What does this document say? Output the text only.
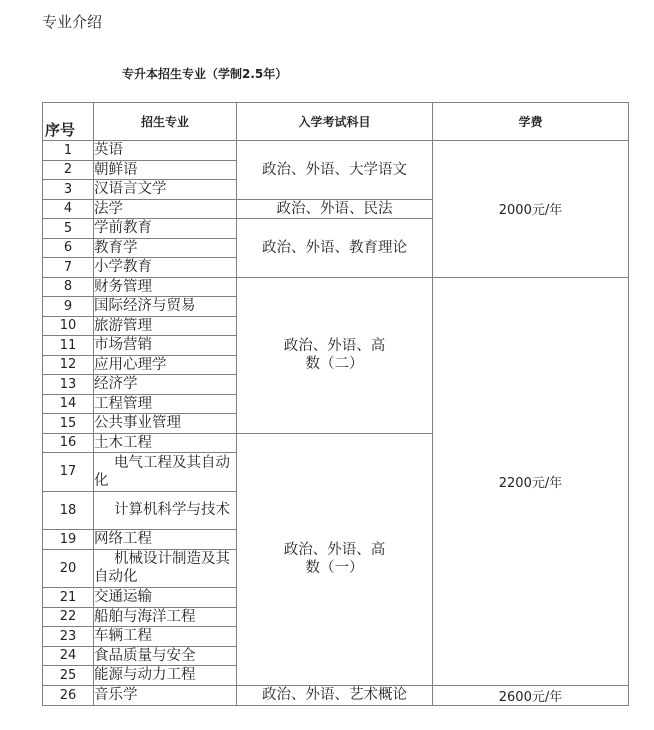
专业介绍
专升本招生专业（学制2.5年）
序号	招生专业	入学考试科目	学费
1	英语	政治、外语、大学语文	2000元/年
2	朝鲜语		
3	汉语言文学		
4	法学	政治、外语、民法	
5	学前教育	政治、外语、教育理论	
6	教育学		
7	小学教育		
8	财务管理	政治、外语、高数（二）	2200元/年
9	国际经济与贸易		
10	旅游管理		
11	市场营销		
12	应用心理学		
13	经济学		
14	工程管理		
15	公共事业管理		
16	土木工程	政治、外语、高数（一）	
17	电气工程及其自动化		
18	计算机科学与技术		
19	网络工程		
20	机械设计制造及其自动化		
21	交通运输		
22	船舶与海洋工程		
23	车辆工程		
24	食品质量与安全		
25	能源与动力工程		
26	音乐学	政治、外语、艺术概论	2600元/年
